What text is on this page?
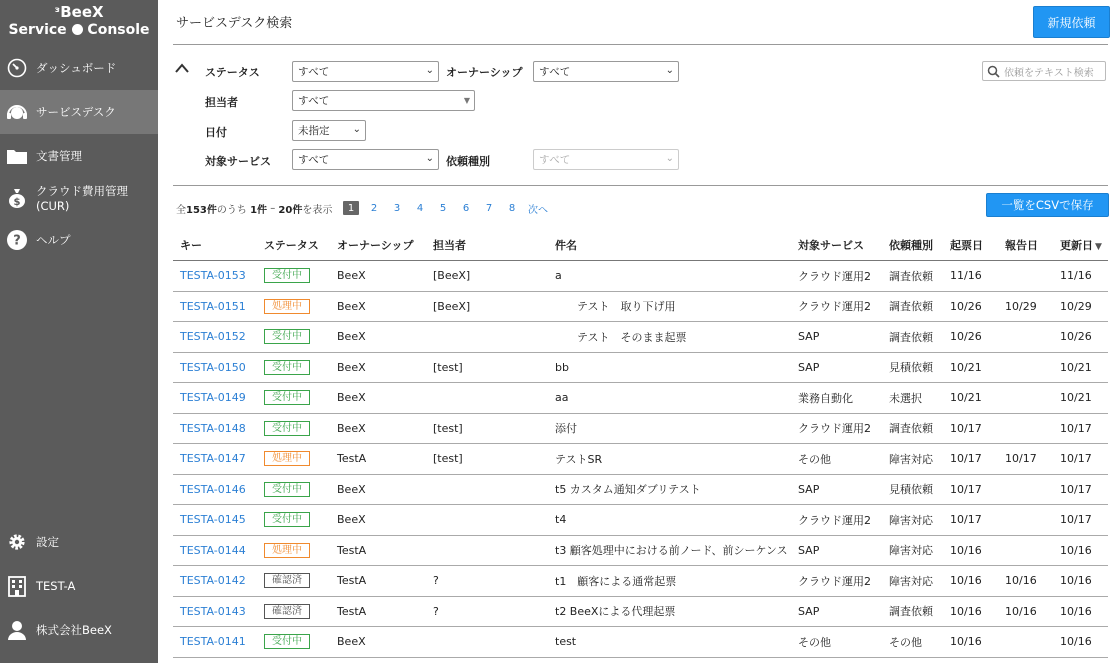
ᵌBeeX
Service Console
ダッシュボード
サービスデスク
文書管理
$
クラウド費用管理(CUR)
? ヘルプ
設定
TEST-A
株式会社BeeX
サービスデスク検索	新規依頼
ステータス	すべて	⌄ オーナーシップ すべて	⌄	依頼をテキスト検索
担当者	すべて	▼
日付	未指定 ⌄
対象サービス	すべて	⌄ 依頼種別	すべて	⌄
全 153件 のうち
1件
–
20件 を表示	1	2	3	4	5	6	7	8	次へ	一覧をCSVで保存
キー	ステータス	オーナーシップ	担当者	件名	対象サービス	依頼種別	起票日	報告日	更新日 ▼
TESTA-0153	受付中	BeeX	[BeeX]	a	クラウド運用2	調査依頼	11/16		11/16
TESTA-0151	処理中	BeeX	[BeeX]	　　テスト　取り下げ用	クラウド運用2	調査依頼	10/26	10/29	10/29
TESTA-0152	受付中	BeeX		　　テスト　そのまま起票	SAP	調査依頼	10/26		10/26
TESTA-0150	受付中	BeeX	[test]	bb	SAP	見積依頼	10/21		10/21
TESTA-0149	受付中	BeeX		aa	業務自動化	未選択	10/21		10/21
TESTA-0148	受付中	BeeX	[test]	添付	クラウド運用2	調査依頼	10/17		10/17
TESTA-0147	処理中	TestA	[test]	テストSR	その他	障害対応	10/17	10/17	10/17
TESTA-0146	受付中	BeeX		t5 カスタム通知ダブリテスト	SAP	見積依頼	10/17		10/17
TESTA-0145	受付中	BeeX		t4	クラウド運用2	障害対応	10/17		10/17
TESTA-0144	処理中	TestA		t3 顧客処理中における前ノード、前シーケンス	SAP	障害対応	10/16		10/16
TESTA-0142	確認済	TestA	?	t1　顧客による通常起票	クラウド運用2	障害対応	10/16	10/16	10/16
TESTA-0143	確認済	TestA	?	t2 BeeXによる代理起票	SAP	調査依頼	10/16	10/16	10/16
TESTA-0141	受付中	BeeX		test	その他	その他	10/16		10/16
